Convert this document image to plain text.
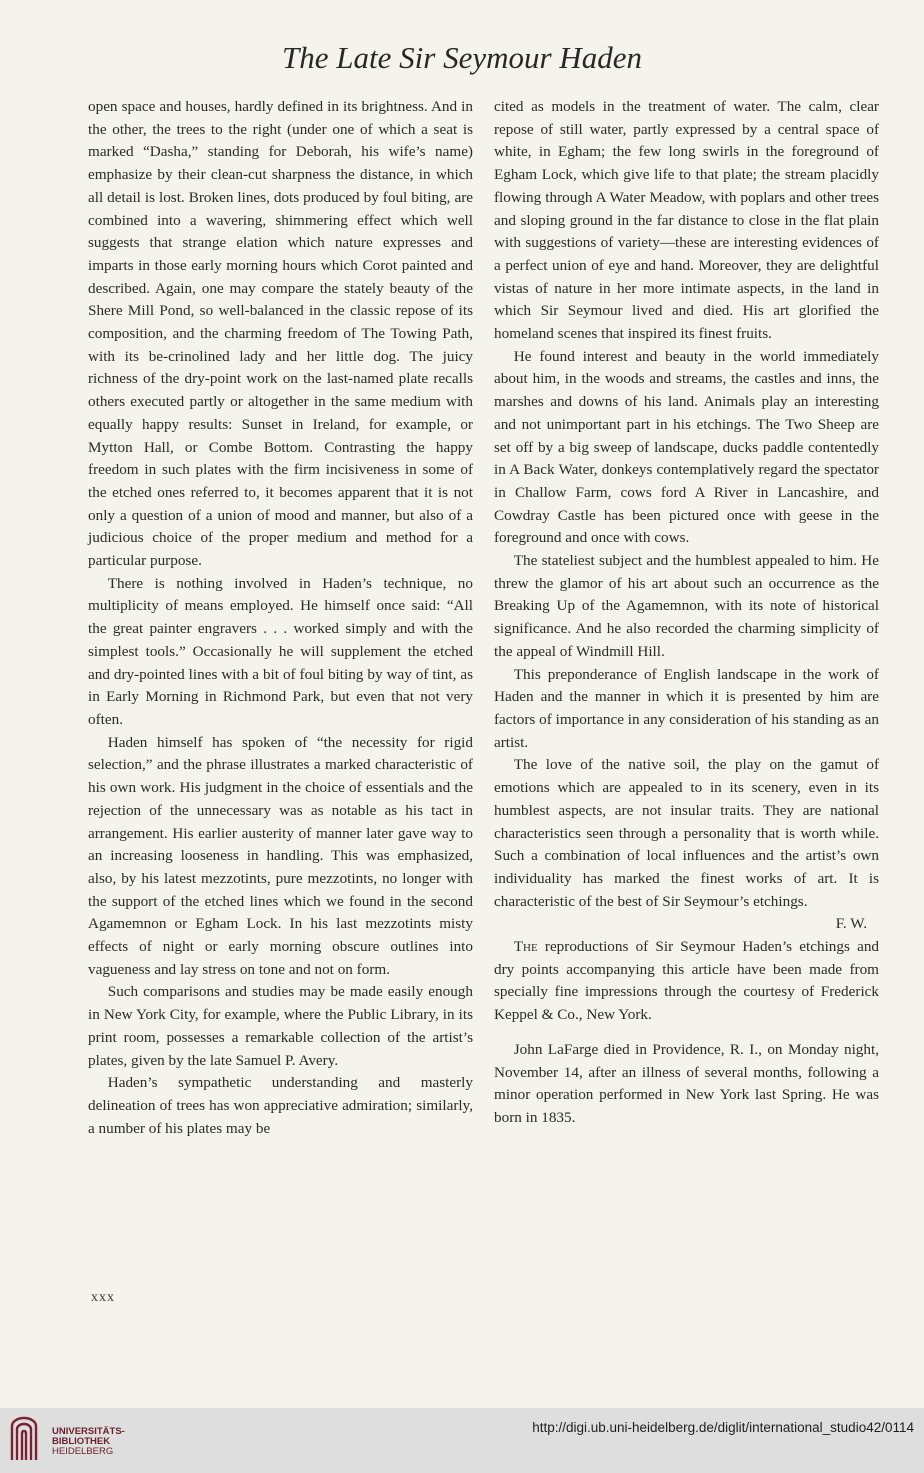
The Late Sir Seymour Haden

open space and houses, hardly defined in its brightness. And in the other, the trees to the right (under one of which a seat is marked “Dasha,” standing for Deborah, his wife’s name) emphasize by their clean-cut sharpness the distance, in which all detail is lost. Broken lines, dots produced by foul biting, are combined into a wavering, shimmering effect which well suggests that strange elation which nature expresses and imparts in those early morning hours which Corot painted and described. Again, one may compare the stately beauty of the Shere Mill Pond, so well-balanced in the classic repose of its composition, and the charming freedom of The Towing Path, with its be-crinolined lady and her little dog. The juicy richness of the dry-point work on the last-named plate recalls others executed partly or altogether in the same medium with equally happy results: Sunset in Ireland, for example, or Mytton Hall, or Combe Bottom. Contrasting the happy freedom in such plates with the firm incisiveness in some of the etched ones referred to, it becomes apparent that it is not only a question of a union of mood and manner, but also of a judicious choice of the proper medium and method for a particular purpose.

There is nothing involved in Haden’s technique, no multiplicity of means employed. He himself once said: “All the great painter engravers . . . worked simply and with the simplest tools.” Occasionally he will supplement the etched and dry-pointed lines with a bit of foul biting by way of tint, as in Early Morning in Richmond Park, but even that not very often.

Haden himself has spoken of “the necessity for rigid selection,” and the phrase illustrates a marked characteristic of his own work. His judgment in the choice of essentials and the rejection of the unnecessary was as notable as his tact in arrangement. His earlier austerity of manner later gave way to an increasing looseness in handling. This was emphasized, also, by his latest mezzotints, pure mezzotints, no longer with the support of the etched lines which we found in the second Agamemnon or Egham Lock. In his last mezzotints misty effects of night or early morning obscure outlines into vagueness and lay stress on tone and not on form.

Such comparisons and studies may be made easily enough in New York City, for example, where the Public Library, in its print room, possesses a remarkable collection of the artist’s plates, given by the late Samuel P. Avery.

Haden’s sympathetic understanding and masterly delineation of trees has won appreciative admiration; similarly, a number of his plates may be

cited as models in the treatment of water. The calm, clear repose of still water, partly expressed by a central space of white, in Egham; the few long swirls in the foreground of Egham Lock, which give life to that plate; the stream placidly flowing through A Water Meadow, with poplars and other trees and sloping ground in the far distance to close in the flat plain with suggestions of variety—these are interesting evidences of a perfect union of eye and hand. Moreover, they are delightful vistas of nature in her more intimate aspects, in the land in which Sir Seymour lived and died. His art glorified the homeland scenes that inspired its finest fruits.

He found interest and beauty in the world immediately about him, in the woods and streams, the castles and inns, the marshes and downs of his land. Animals play an interesting and not unimportant part in his etchings. The Two Sheep are set off by a big sweep of landscape, ducks paddle contentedly in A Back Water, donkeys contemplatively regard the spectator in Challow Farm, cows ford A River in Lancashire, and Cowdray Castle has been pictured once with geese in the foreground and once with cows.

The stateliest subject and the humblest appealed to him. He threw the glamor of his art about such an occurrence as the Breaking Up of the Agamemnon, with its note of historical significance. And he also recorded the charming simplicity of the appeal of Windmill Hill.

This preponderance of English landscape in the work of Haden and the manner in which it is presented by him are factors of importance in any consideration of his standing as an artist.

The love of the native soil, the play on the gamut of emotions which are appealed to in its scenery, even in its humblest aspects, are not insular traits. They are national characteristics seen through a personality that is worth while. Such a combination of local influences and the artist’s own individuality has marked the finest works of art. It is characteristic of the best of Sir Seymour’s etchings.

F. W.

The reproductions of Sir Seymour Haden’s etchings and dry points accompanying this article have been made from specially fine impressions through the courtesy of Frederick Keppel & Co., New York.

John LaFarge died in Providence, R. I., on Monday night, November 14, after an illness of several months, following a minor operation performed in New York last Spring. He was born in 1835.

xxx
UNIVERSITÄTS-
BIBLIOTHEK
HEIDELBERG
http://digi.ub.uni-heidelberg.de/diglit/international_studio42/0114
